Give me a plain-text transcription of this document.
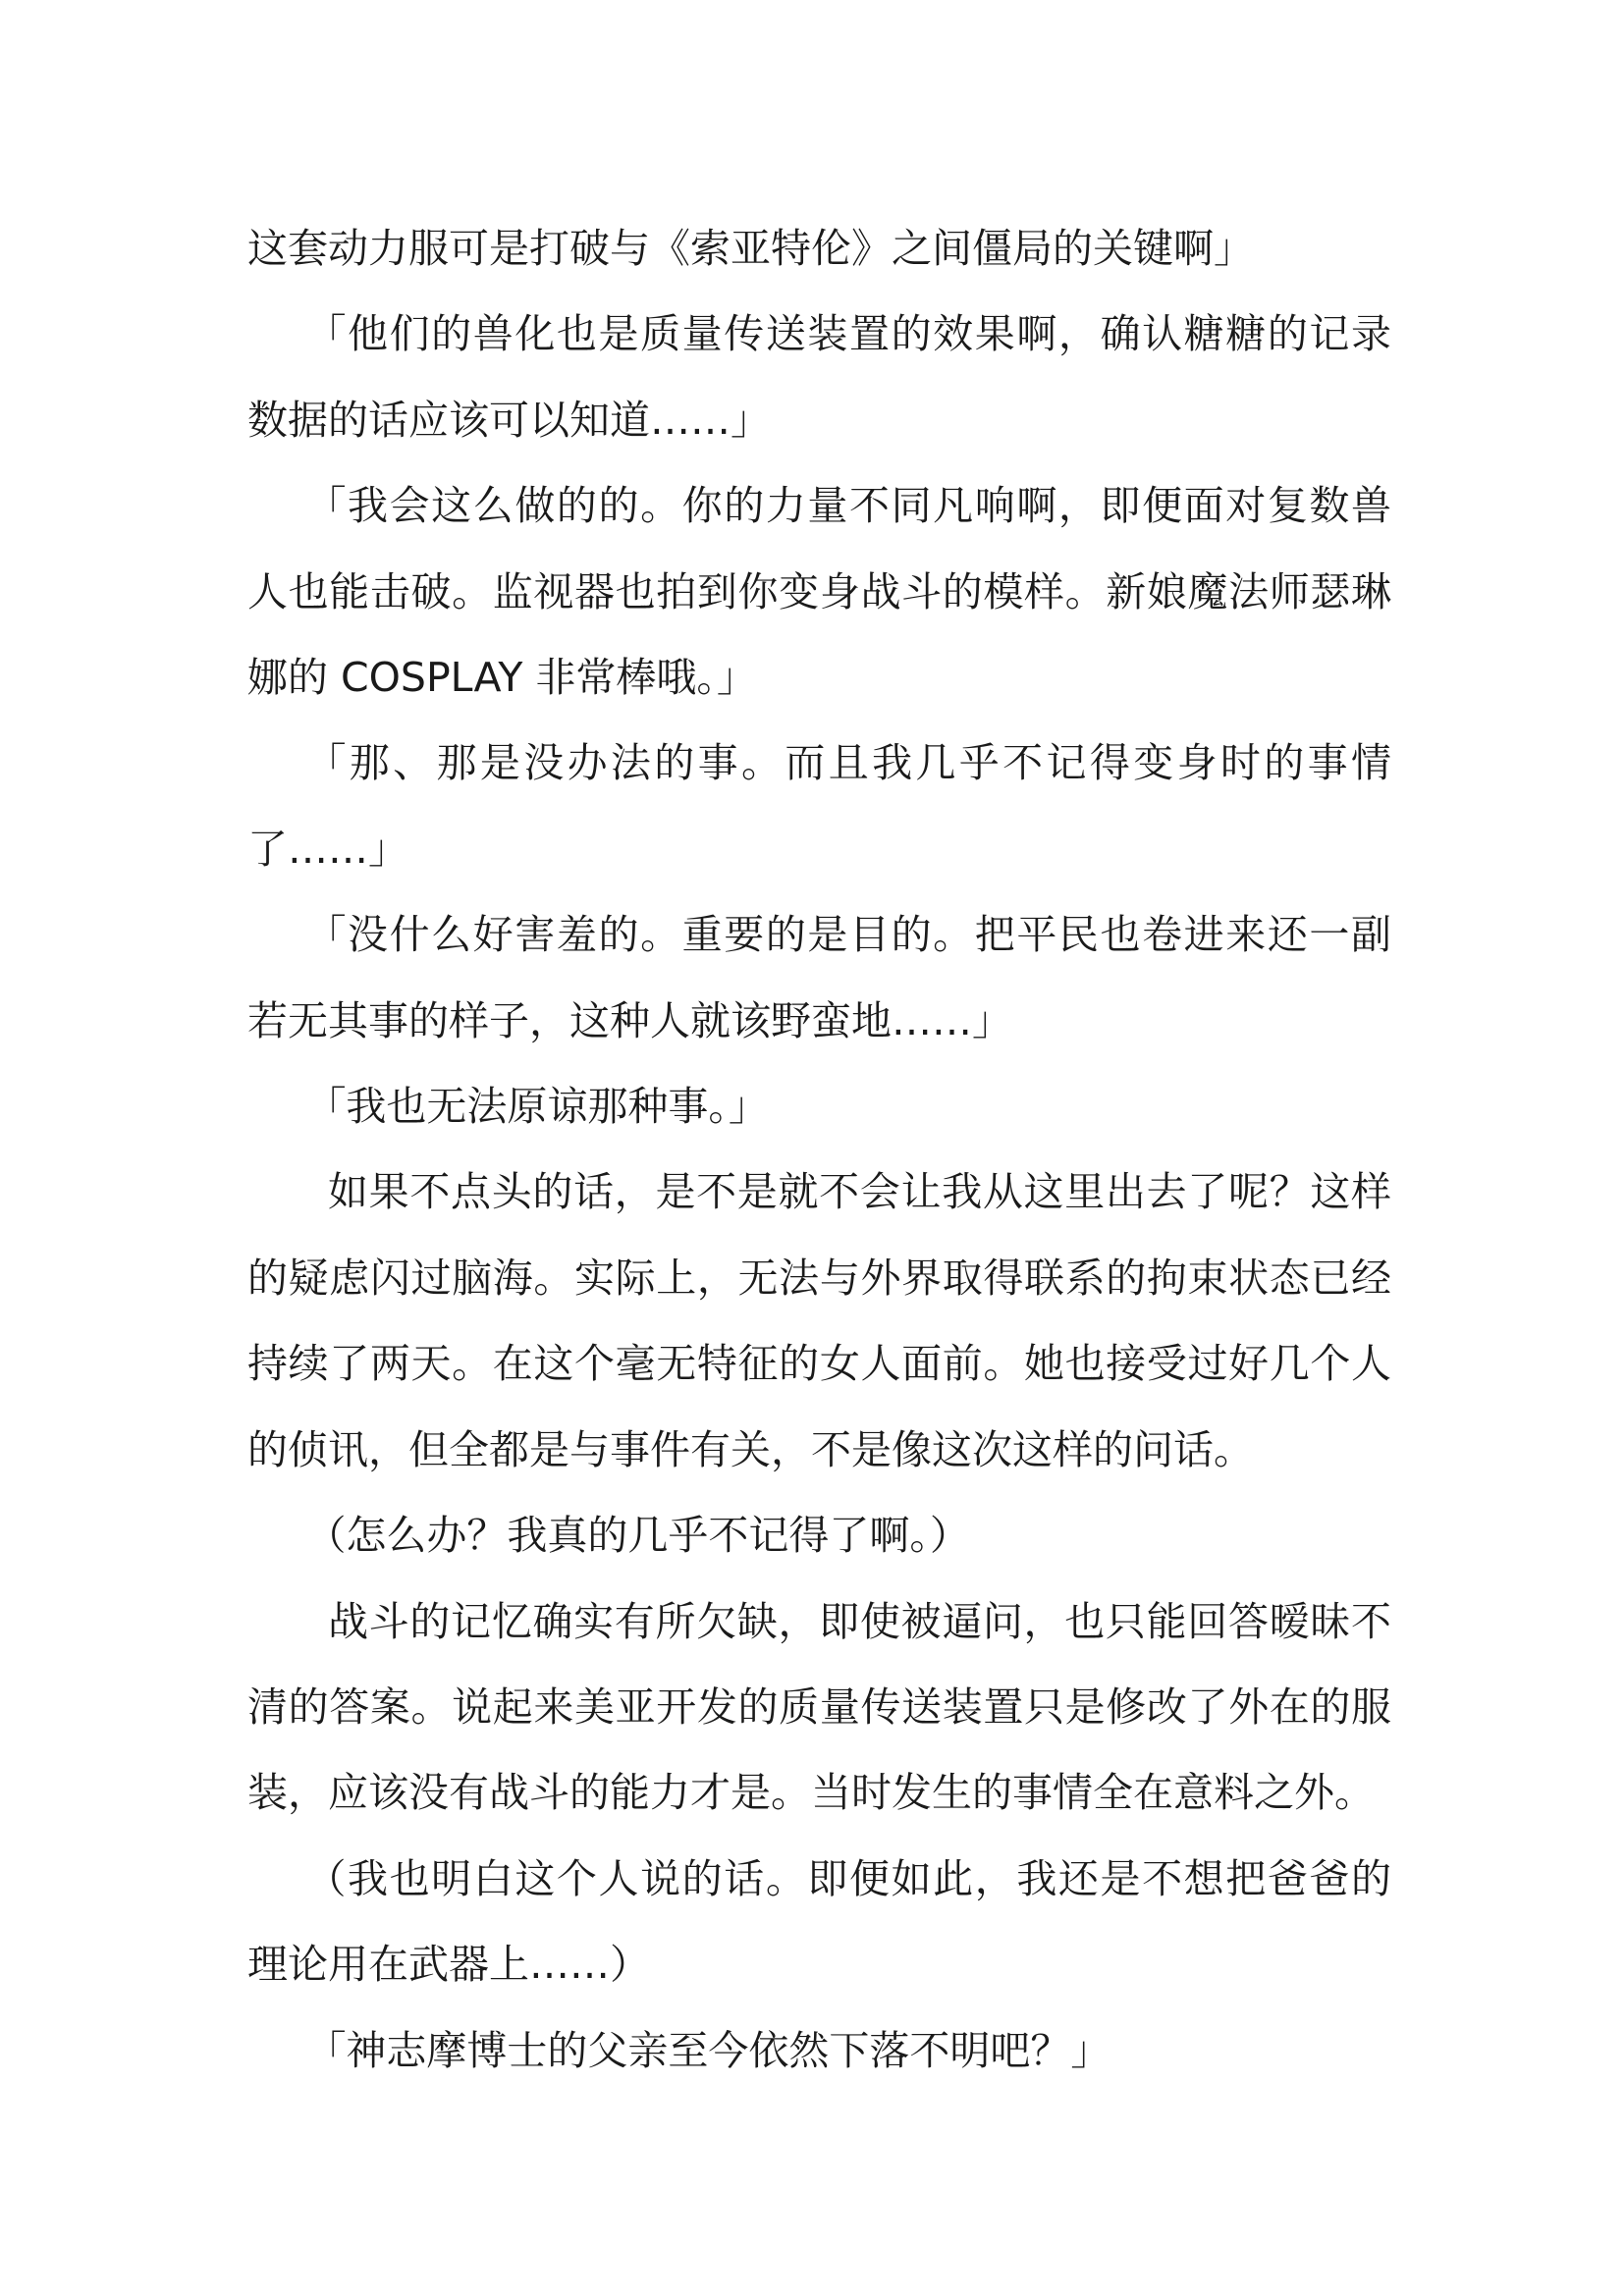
这套动力服可是打破与《索亚特伦》之间僵局的关键啊」

「他们的兽化也是质量传送装置的效果啊，确认糖糖的记录数据的话应该可以知道……」

「我会这么做的的。你的力量不同凡响啊，即便面对复数兽人也能击破。监视器也拍到你变身战斗的模样。新娘魔法师瑟琳娜的 COSPLAY 非常棒哦。」

「那、那是没办法的事。而且我几乎不记得变身时的事情了……」

「没什么好害羞的。重要的是目的。把平民也卷进来还一副若无其事的样子，这种人就该野蛮地……」

「我也无法原谅那种事。」

如果不点头的话，是不是就不会让我从这里出去了呢？这样的疑虑闪过脑海。实际上，无法与外界取得联系的拘束状态已经持续了两天。在这个毫无特征的女人面前。她也接受过好几个人的侦讯，但全都是与事件有关，不是像这次这样的问话。

（怎么办？我真的几乎不记得了啊。）

战斗的记忆确实有所欠缺，即使被逼问，也只能回答暧昧不清的答案。说起来美亚开发的质量传送装置只是修改了外在的服装，应该没有战斗的能力才是。当时发生的事情全在意料之外。

（我也明白这个人说的话。即便如此，我还是不想把爸爸的理论用在武器上……）

「神志摩博士的父亲至今依然下落不明吧？」
